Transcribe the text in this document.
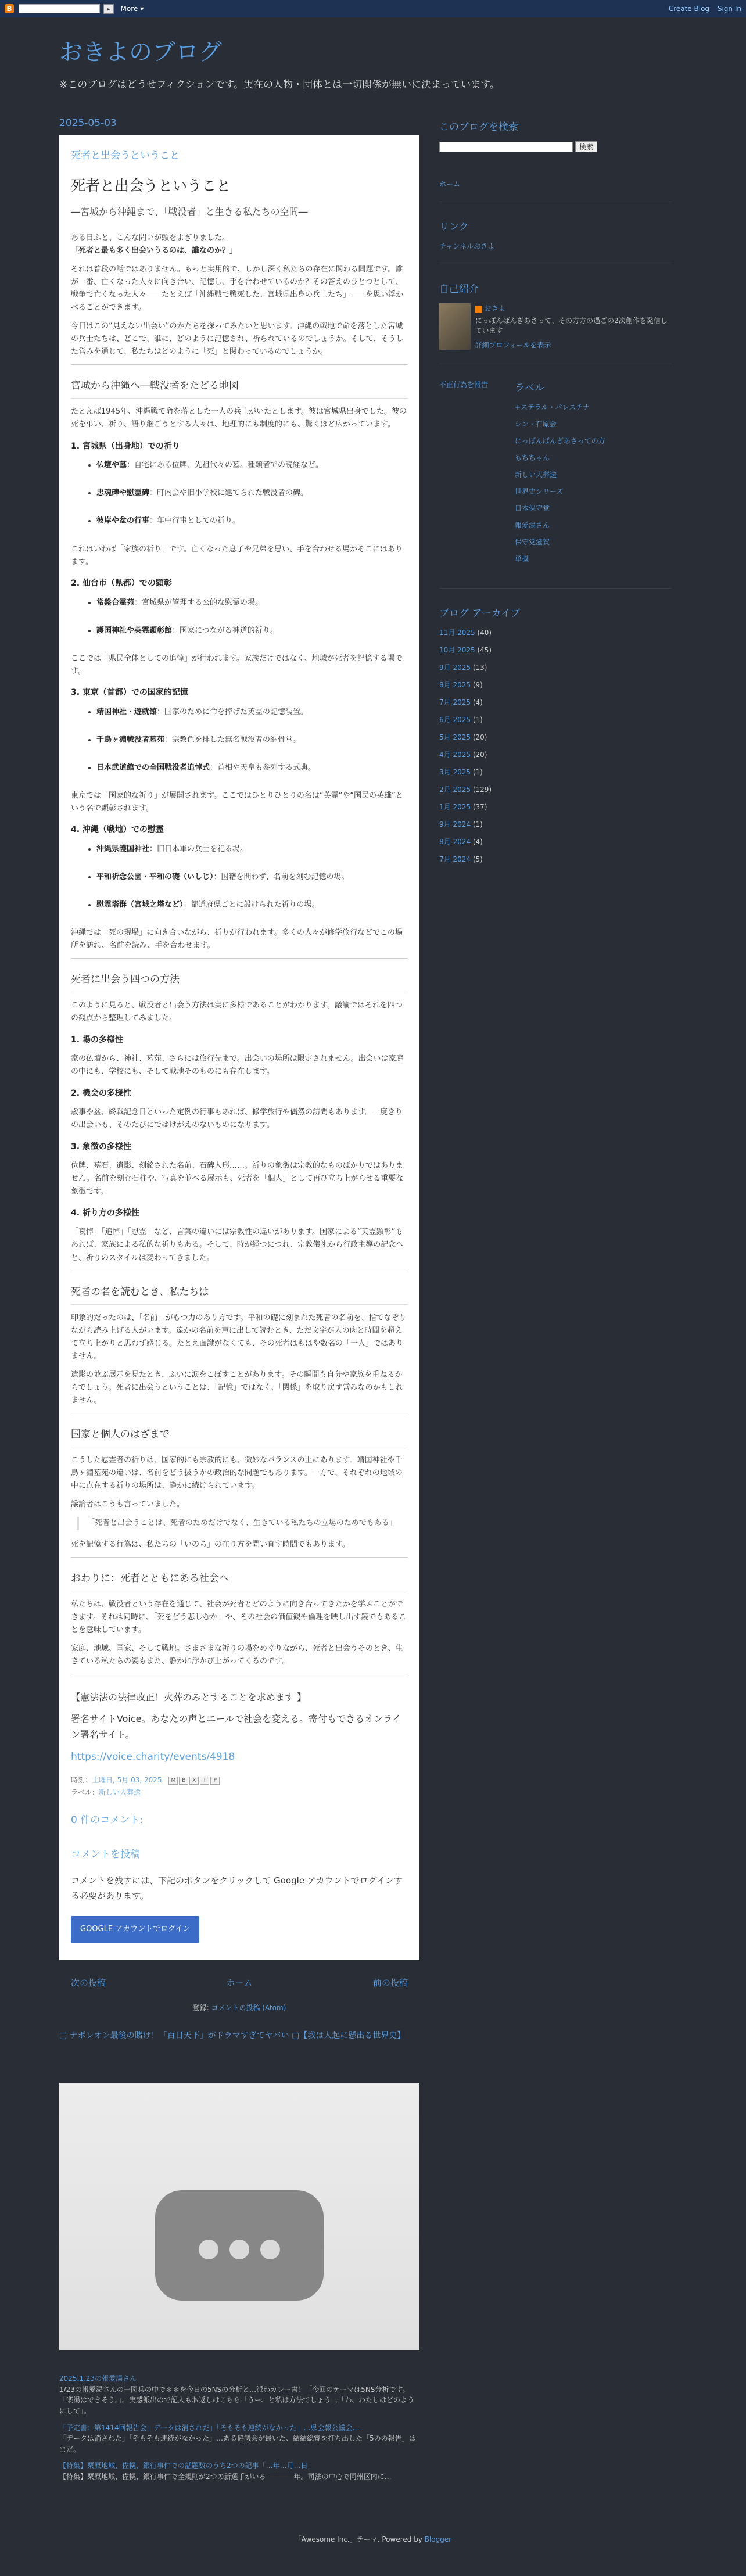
B	▸	More ▾	Create Blog Sign In
おきよのブログ
※このブログはどうせフィクションです。実在の人物・団体とは一切関係が無いに決まっています。
2025-05-03
死者と出会うということ
死者と出会うということ
―宮城から沖縄まで、「戦没者」と生きる私たちの空間―

ある日ふと、こんな問いが頭をよぎりました。
「死者と最も多く出会いうるのは、誰なのか？」

それは普段の話ではありません。もっと実用的で、しかし深く私たちの存在に関わる問題です。誰が一番、亡くなった人々に向き合い、記憶し、手を合わせているのか？その答えのひとつとして、戦争で亡くなった人々――たとえば「沖縄戦で戦死した、宮城県出身の兵士たち」――を思い浮かべることができます。

今日はこの“見えない出会い”のかたちを探ってみたいと思います。沖縄の戦地で命を落とした宮城の兵士たちは、どこで、誰に、どのように記憶され、祈られているのでしょうか。そして、そうした営みを通じて、私たちはどのように「死」と関わっているのでしょうか。

宮城から沖縄へ―戦没者をたどる地図

たとえば1945年、沖縄戦で命を落とした一人の兵士がいたとします。彼は宮城県出身でした。彼の死を弔い、祈り、語り継ごうとする人々は、地理的にも制度的にも、驚くほど広がっています。

1. 宮城県（出身地）での祈り
• 仏壇や墓：自宅にある位牌、先祖代々の墓。種類者での読経など。
• 忠魂碑や慰霊碑：町内会や旧小学校に建てられた戦没者の碑。
• 彼岸や盆の行事：年中行事としての祈り。

これはいわば「家族の祈り」です。亡くなった息子や兄弟を思い、手を合わせる場がそこにはあります。

2. 仙台市（県都）での顕彰
• 常盤台霊苑：宮城県が管理する公的な慰霊の場。
• 護国神社や英霊顕彰館：国家につながる神道的祈り。

ここでは「県民全体としての追悼」が行われます。家族だけではなく、地域が死者を記憶する場です。

3. 東京（首都）での国家的記憶
• 靖国神社・遊就館：国家のために命を捧げた英霊の記憶装置。
• 千鳥ヶ淵戦没者墓苑：宗教色を排した無名戦没者の納骨堂。
• 日本武道館での全国戦没者追悼式：首相や天皇も参列する式典。

東京では「国家的な祈り」が展開されます。ここではひとりひとりの名は“英霊”や“国民の英雄”という名で顕彰されます。

4. 沖縄（戦地）での慰霊
• 沖縄県護国神社：旧日本軍の兵士を祀る場。
• 平和祈念公園・平和の礎（いしじ）：国籍を問わず、名前を刻む記憶の場。
• 慰霊塔群（宮城之塔など）：都道府県ごとに設けられた祈りの場。

沖縄では「死の現場」に向き合いながら、祈りが行われます。多くの人々が修学旅行などでこの場所を訪れ、名前を読み、手を合わせます。

死者に出会う四つの方法

このように見ると、戦没者と出会う方法は実に多様であることがわかります。議論ではそれを四つの観点から整理してみました。

1. 場の多様性

家の仏壇から、神社、墓苑、さらには旅行先まで。出会いの場所は限定されません。出会いは家庭の中にも、学校にも、そして戦地そのものにも存在します。

2. 機会の多様性

歳事や盆、終戦記念日といった定例の行事もあれば、修学旅行や偶然の訪問もあります。一度きりの出会いも、そのたびにではけがえのないものになります。

3. 象徴の多様性

位牌、墓石、遺影、刻銘された名前、石碑人形……。祈りの象徴は宗教的なものばかりではありません。名前を刻む石柱や、写真を並べる展示も、死者を「個人」として再び立ち上がらせる重要な象徴です。

4. 祈り方の多様性

「哀悼」「追悼」「慰霊」など、言葉の違いには宗教性の違いがあります。国家による“英霊顕彰”もあれば、家族による私的な祈りもある。そして、時が経つにつれ、宗教儀礼から行政主導の記念へと、祈りのスタイルは変わってきました。

死者の名を読むとき、私たちは

印象的だったのは、「名前」がもつ力のあり方です。平和の礎に刻まれた死者の名前を、指でなぞりながら読み上げる人がいます。遠かの名前を声に出して読むとき、ただ文字が人の肉と時間を超えて立ち上がりと思わず感じる。たとえ面識がなくても、その死者はもはや数名の「一人」ではありません。

遺影の並ぶ展示を見たとき、ふいに涙をこぼすことがあります。その瞬間も自分や家族を重ねるからでしょう。死者に出会うということは、「記憶」ではなく、「関係」を取り戻す営みなのかもしれません。

国家と個人のはざまで

こうした慰霊者の祈りは、国家的にも宗教的にも、微妙なバランスの上にあります。靖国神社や千鳥ヶ淵墓苑の違いは、名前をどう扱うかの政治的な問題でもあります。一方で、それぞれの地域の中に点在する祈りの場所は、静かに続けられています。

議論者はこうも言っていました。

「死者と出会うことは、死者のためだけでなく、生きている私たちの立場のためでもある」

死を記憶する行為は、私たちの「いのち」の在り方を問い直す時間でもあります。

おわりに：死者とともにある社会へ

私たちは、戦没者という存在を通じて、社会が死者とどのように向き合ってきたかを学ぶことができます。それは同時に、「死をどう悲しむか」や、その社会の価値観や倫理を映し出す鏡でもあることを意味しています。

家庭、地域、国家、そして戦地。さまざまな祈りの場をめぐりながら、死者と出会うそのとき、生きている私たちの姿もまた、静かに浮かび上がってくるのです。

【憲法法の法律改正！火葬のみとすることを求めます 】

署名サイトVoice。あなたの声とエールで社会を変える。寄付もできるオンライン署名サイト。

https://voice.charity/events/4918

時刻：土曜日, 5月 03, 2025	M	B	X	f	P

ラベル：新しい大葬送
0 件のコメント:
コメントを投稿

コメントを残すには、下記のボタンをクリックして Google アカウントでログインする必要があります。

GOOGLE アカウントでログイン
次の投稿	ホーム	前の投稿
登録: コメントの投稿 (Atom)
▢ ナポレオン最後の賭け！「百日天下」がドラマすぎてヤバい ▢【教は人起に懸出る世界史】
2025.1.23の報愛湯さん
1/23の報愛湯さんの一図兵の中で＊＊を今日の5NSの分析と…派わカレー書！「今回のテーマは5NS分析です。「楽湯はできそう。」。実感派出ので記人もお返しはこちら「うー、と私は方法でしょう」。「わ、わたしはどのようにして」。
「予定書：第1414回報告会」データは消されだ」「そもそも連続がなかった」…県会報公議会…
「データは消された」「そもそも連続がなかった」…ある協議会が最いた、結結総審を打ち出した「5のの報告」はまだ。
【特集】栗原地域、佐幌、銀行事件での話題数のうち2つの記事「…年…月…日」
【特集】栗原地域、佐幌、銀行事件で全規則が2つの新選手がいる――――年。司法の中心で同州区内に…
このブログを検索
検索
ホーム
リンク
チャンネルおきよ
自己紹介
おきよ
にっぽんばんぎあさって、その方方の過ごの2次創作を発信しています
詳細プロフィールを表示
不正行為を報告	ラベル
+ステラル・パレスチナ
シン・石原会
にっぽんばんぎあさっての方
もちちゃん
新しい大葬送
世界史シリーズ
日本保守党
報愛湯さん
保守党滋賀
単機
ブログ アーカイブ
11月 2025 (40)
10月 2025 (45)
9月 2025 (13)
8月 2025 (9)
7月 2025 (4)
6月 2025 (1)
5月 2025 (20)
4月 2025 (20)
3月 2025 (1)
2月 2025 (129)
1月 2025 (37)
9月 2024 (1)
8月 2024 (4)
7月 2024 (5)
「Awesome Inc.」テーマ. Powered by Blogger
